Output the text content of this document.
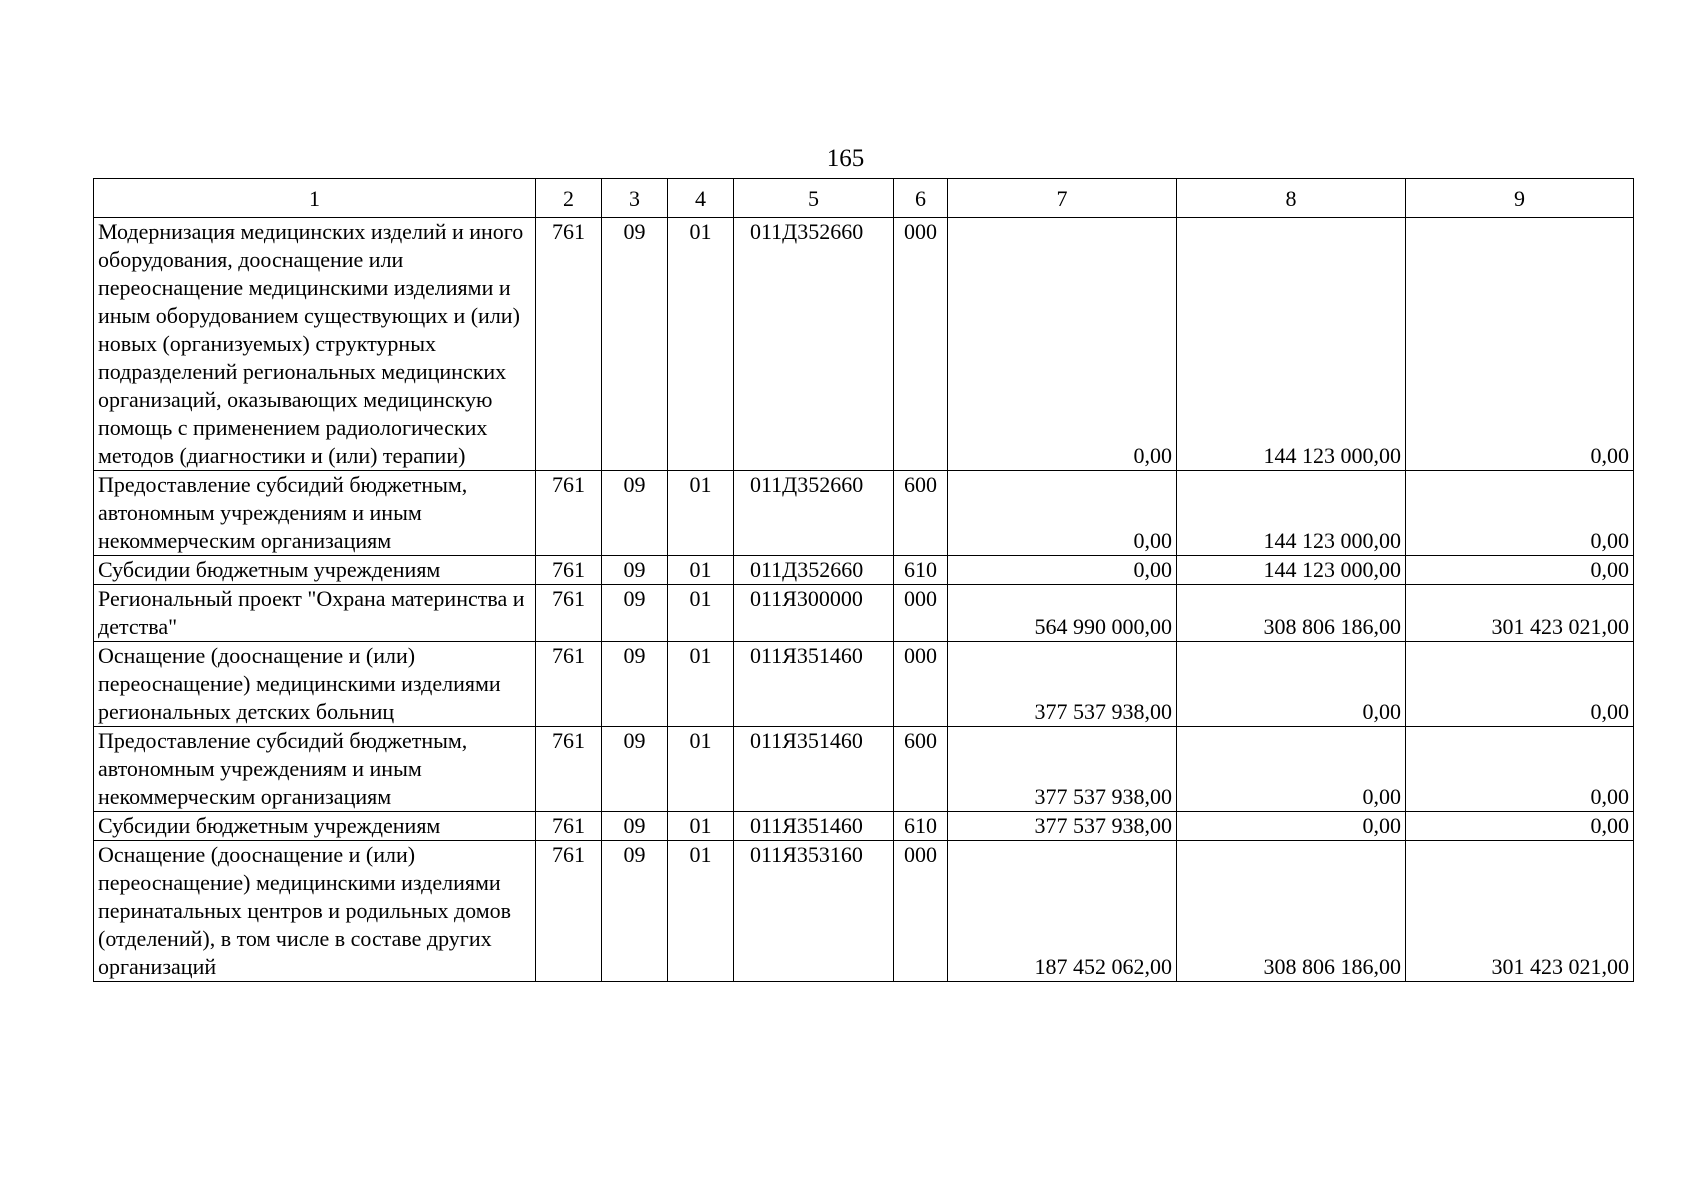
165
1	2	3	4	5	6	7	8	9
Модернизация медицинских изделий и иного оборудования, дооснащение или переоснащение медицинскими изделиями и иным оборудованием существующих и (или) новых (организуемых) структурных подразделений региональных медицинских организаций, оказывающих медицинскую помощь с применением радиологических методов (диагностики и (или) терапии)	761	09	01	011Д352660	000	0,00	144 123 000,00	0,00
Предоставление субсидий бюджетным, автономным учреждениям и иным некоммерческим организациям	761	09	01	011Д352660	600	0,00	144 123 000,00	0,00
Субсидии бюджетным учреждениям	761	09	01	011Д352660	610	0,00	144 123 000,00	0,00
Региональный проект "Охрана материнства и детства"	761	09	01	011Я300000	000	564 990 000,00	308 806 186,00	301 423 021,00
Оснащение (дооснащение и (или) переоснащение) медицинскими изделиями региональных детских больниц	761	09	01	011Я351460	000	377 537 938,00	0,00	0,00
Предоставление субсидий бюджетным, автономным учреждениям и иным некоммерческим организациям	761	09	01	011Я351460	600	377 537 938,00	0,00	0,00
Субсидии бюджетным учреждениям	761	09	01	011Я351460	610	377 537 938,00	0,00	0,00
Оснащение (дооснащение и (или) переоснащение) медицинскими изделиями перинатальных центров и родильных домов (отделений), в том числе в составе других организаций	761	09	01	011Я353160	000	187 452 062,00	308 806 186,00	301 423 021,00
